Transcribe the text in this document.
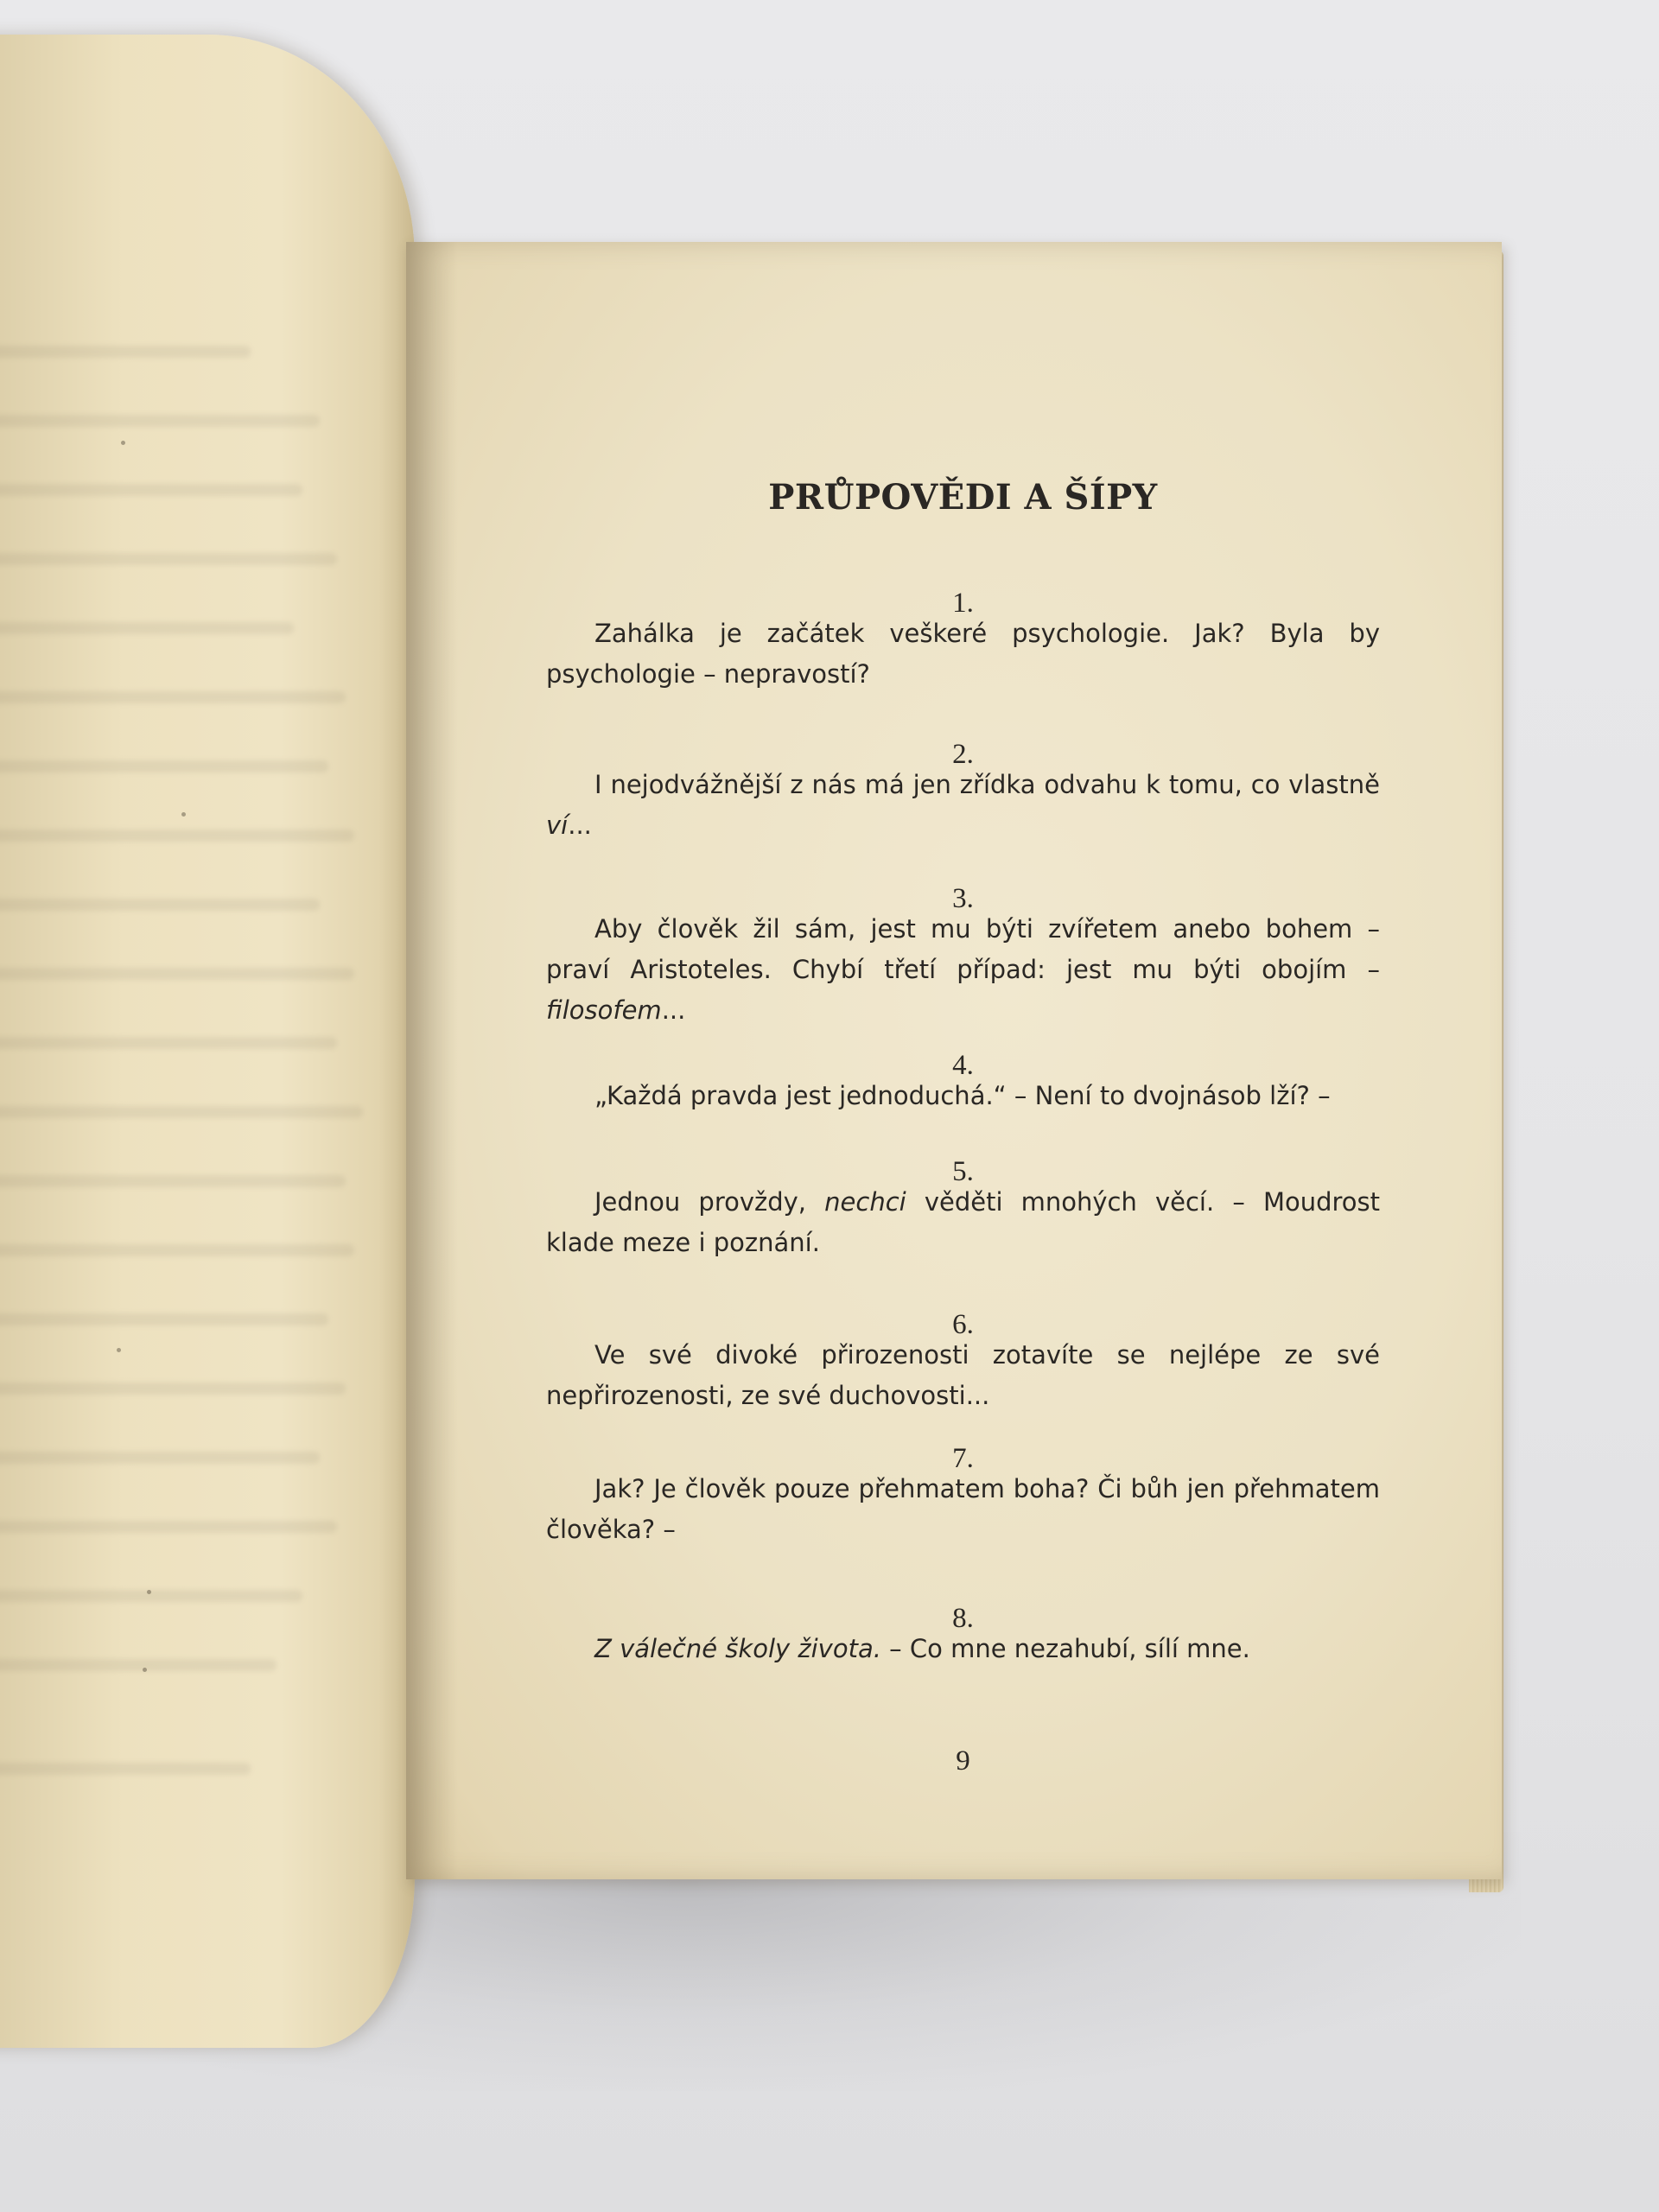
PRŮPOVĚDI A ŠÍPY
1.
Zahálka je začátek veškeré psychologie. Jak? Byla by psychologie – nepravostí?
2.
I nejodvážnější z nás má jen zřídka odvahu k tomu, co vlastně ví...
3.
Aby člověk žil sám, jest mu býti zvířetem anebo bohem – praví Aristoteles. Chybí třetí případ: jest mu býti obojím – filosofem...
4.
„Každá pravda jest jednoduchá.“ – Není to dvojnásob lží? –
5.
Jednou provždy, nechci věděti mnohých věcí. – Moudrost klade meze i poznání.
6.
Ve své divoké přirozenosti zotavíte se nejlépe ze své nepřirozenosti, ze své duchovosti...
7.
Jak? Je člověk pouze přehmatem boha? Či bůh jen přehmatem člověka? –
8.
Z válečné školy života. – Co mne nezahubí, sílí mne.
9
